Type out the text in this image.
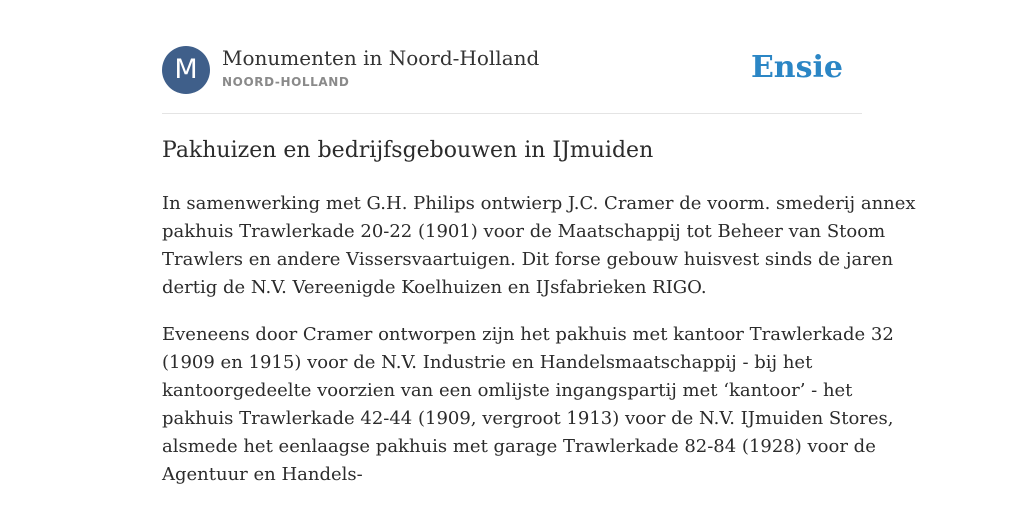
M	Monumenten in Noord-Holland
NOORD-HOLLAND	Ensie
Pakhuizen en bedrijfsgebouwen in IJmuiden
In samenwerking met G.H. Philips ontwierp J.C. Cramer de voorm. smederij annex
pakhuis Trawlerkade 20-22 (1901) voor de Maatschappij tot Beheer van Stoom
Trawlers en andere Vissersvaartuigen. Dit forse gebouw huisvest sinds de jaren
dertig de N.V. Vereenigde Koelhuizen en IJsfabrieken RIGO.
Eveneens door Cramer ontworpen zijn het pakhuis met kantoor Trawlerkade 32
(1909 en 1915) voor de N.V. Industrie en Handelsmaatschappij - bij het
kantoorgedeelte voorzien van een omlijste ingangspartij met ‘kantoor’ - het
pakhuis Trawlerkade 42-44 (1909, vergroot 1913) voor de N.V. IJmuiden Stores,
alsmede het eenlaagse pakhuis met garage Trawlerkade 82-84 (1928) voor de
Agentuur en Handels-
